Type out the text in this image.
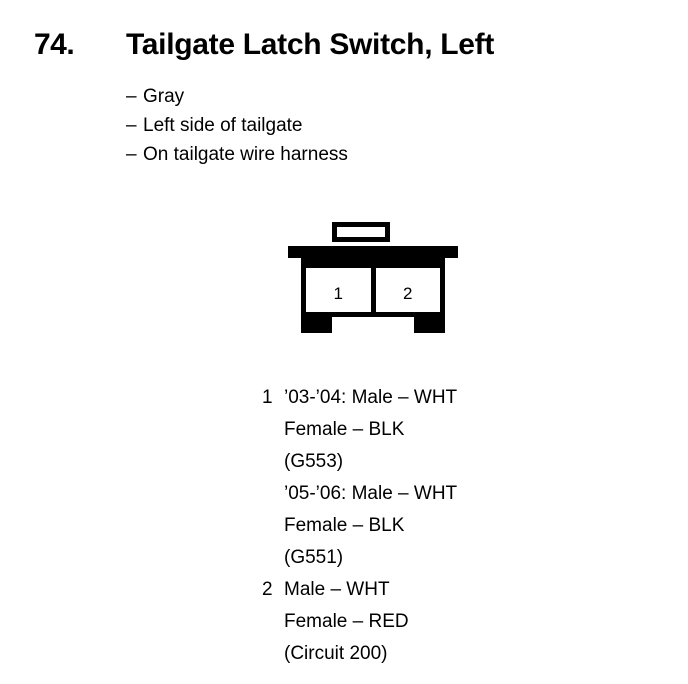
74.	Tailgate Latch Switch, Left
– Gray
– Left side of tailgate
– On tailgate wire harness
1	2
1 ’03-’04: Male – WHT
Female – BLK
(G553)
’05-’06: Male – WHT
Female – BLK
(G551)
2 Male – WHT
Female – RED
(Circuit 200)
